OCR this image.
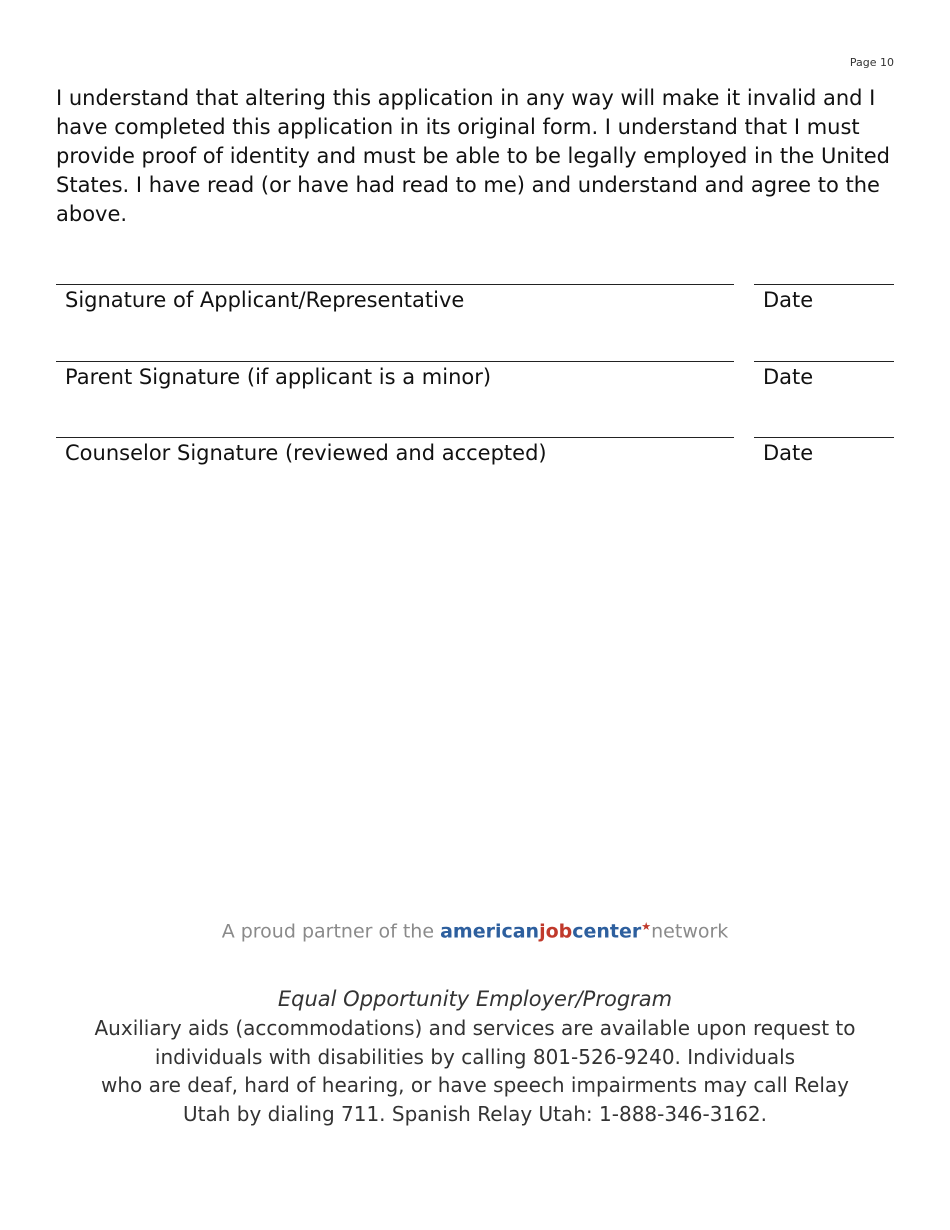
Page 10

I understand that altering this application in any way will make it invalid and I have completed this application in its original form. I understand that I must provide proof of identity and must be able to be legally employed in the United States. I have read (or have had read to me) and understand and agree to the above.

Signature of Applicant/Representative	Date
Parent Signature (if applicant is a minor)	Date
Counselor Signature (reviewed and accepted)	Date
A proud partner of the americanjobcenter★network
Equal Opportunity Employer/Program
Auxiliary aids (accommodations) and services are available upon request to
individuals with disabilities by calling 801-526-9240. Individuals
who are deaf, hard of hearing, or have speech impairments may call Relay
Utah by dialing 711. Spanish Relay Utah: 1-888-346-3162.
